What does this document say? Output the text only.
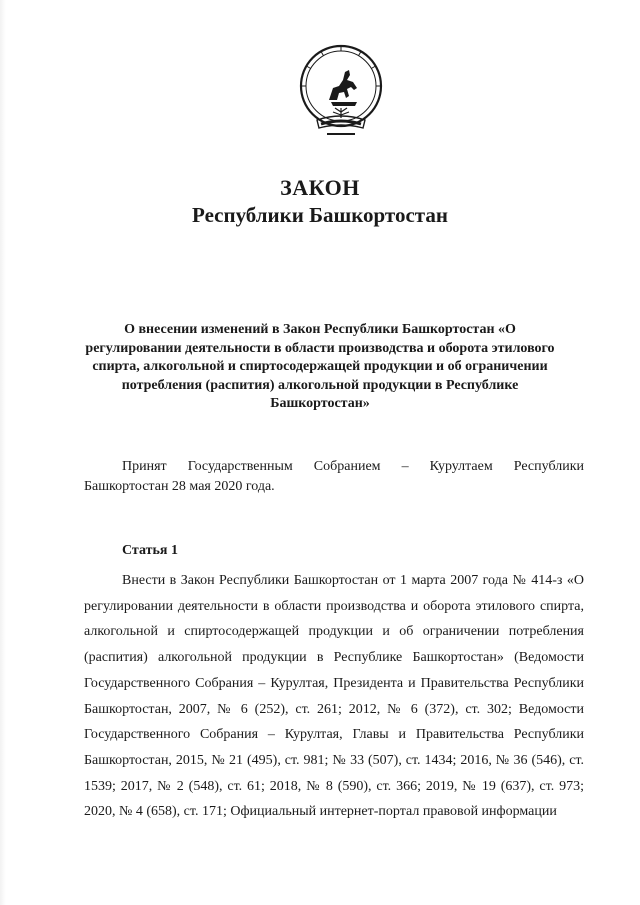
ЗАКОН
Республики Башкортостан
О внесении изменений в Закон Республики Башкортостан «О регулировании деятельности в области производства и оборота этилового спирта, алкогольной и спиртосодержащей продукции и об ограничении потребления (распития) алкогольной продукции в Республике Башкортостан»
Принят Государственным Собранием – Курултаем Республики Башкортостан 28 мая 2020 года.
Статья 1

Внести в Закон Республики Башкортостан от 1 марта 2007 года № 414-з «О регулировании деятельности в области производства и оборота этилового спирта, алкогольной и спиртосодержащей продукции и об ограничении потребления (распития) алкогольной продукции в Республике Башкортостан» (Ведомости Государственного Собрания – Курултая, Президента и Правительства Республики Башкортостан, 2007, № 6 (252), ст. 261; 2012, № 6 (372), ст. 302; Ведомости Государственного Собрания – Курултая, Главы и Правительства Республики Башкортостан, 2015, № 21 (495), ст. 981; № 33 (507), ст. 1434; 2016, № 36 (546), ст. 1539; 2017, № 2 (548), ст. 61; 2018, № 8 (590), ст. 366; 2019, № 19 (637), ст. 973; 2020, № 4 (658), ст. 171; Официальный интернет-портал правовой информации
